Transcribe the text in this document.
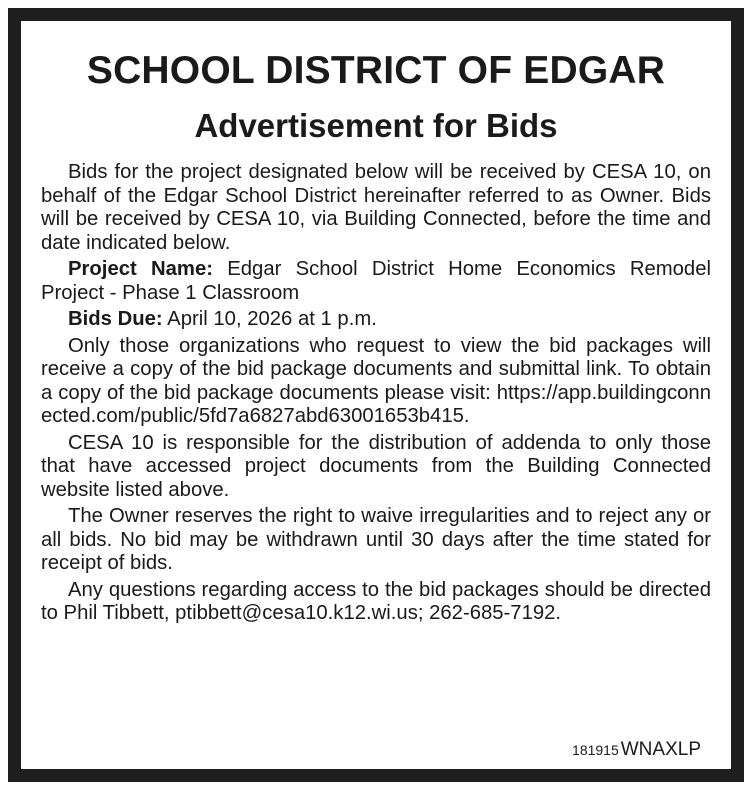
SCHOOL DISTRICT OF EDGAR
Advertisement for Bids

Bids for the project designated below will be received by CESA 10, on behalf of the Edgar School District hereinafter referred to as Owner. Bids will be received by CESA 10, via Building Connected, before the time and date indicated below.

Project Name: Edgar School District Home Economics Remodel Project - Phase 1 Classroom

Bids Due: April 10, 2026 at 1 p.m.

Only those organizations who request to view the bid packages will receive a copy of the bid package documents and submittal link. To obtain a copy of the bid package documents please visit: https://app.buildingconnected.com/public/5fd7a6827abd63001653b415.

CESA 10 is responsible for the distribution of addenda to only those that have accessed project documents from the Building Connected website listed above.

The Owner reserves the right to waive irregularities and to reject any or all bids. No bid may be withdrawn until 30 days after the time stated for receipt of bids.

Any questions regarding access to the bid packages should be directed to Phil Tibbett, ptibbett@cesa10.k12.wi.us; 262-685-7192.

181915 WNAXLP
